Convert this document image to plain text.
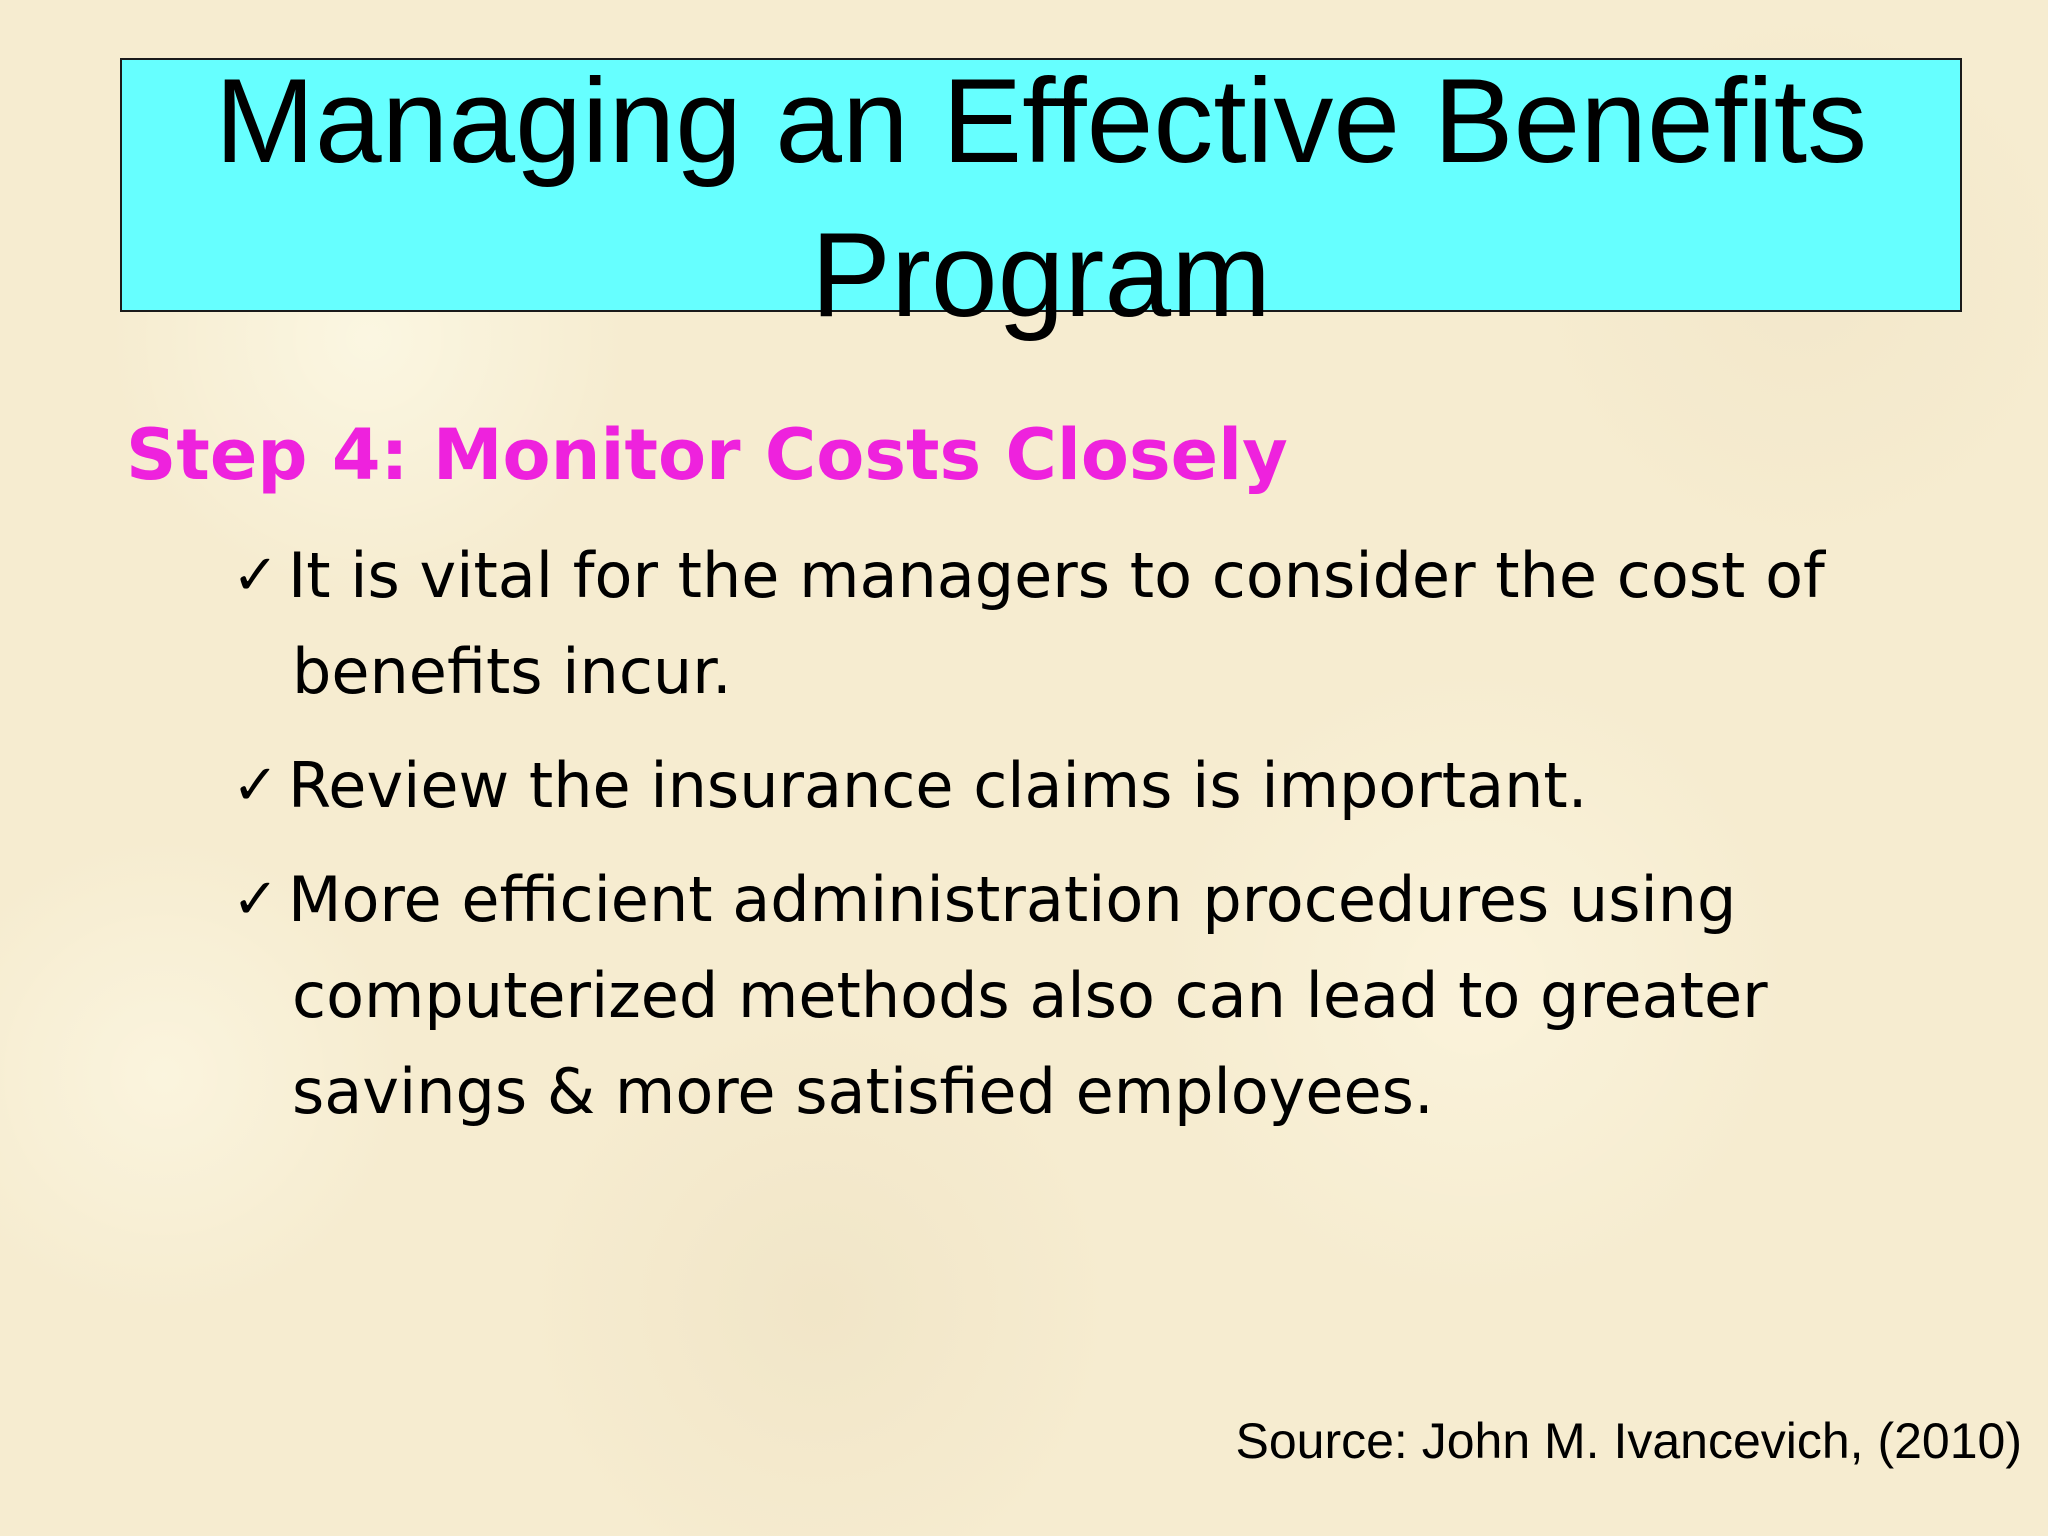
Managing an Effective Benefits
Program
Step 4: Monitor Costs Closely
✓ It is vital for the managers to consider the cost of
benefits incur.
✓ Review the insurance claims is important.
✓ More efficient administration procedures using
computerized methods also can lead to greater
savings & more satisfied employees.
Source: John M. Ivancevich, (2010)
